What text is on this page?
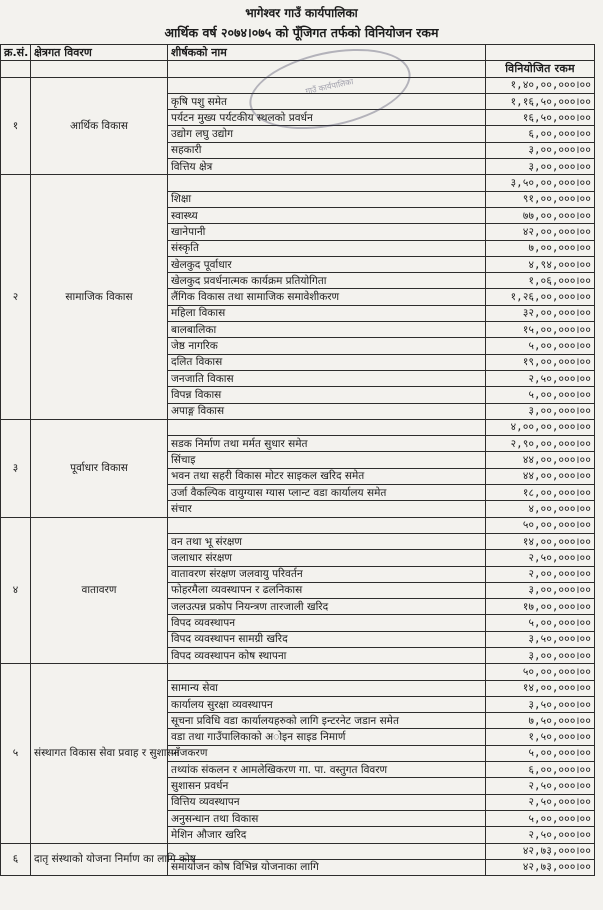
भागेश्वर गाउँ कार्यपालिका
आर्थिक वर्ष २०७४।०७५ को पूँजिगत तर्फको विनियोजन रकम
क्र.सं.	क्षेत्रगत विवरण	शीर्षकको नाम	
			विनियोजित रकम
१	आर्थिक विकास		१,४०,००,०००।००
		कृषि पशु समेत	१,१६,५०,०००।००
		पर्यटन मुख्य पर्यटकीय स्थलको प्रवर्धन	१६,५०,०००।००
		उद्योग लघु उद्योग	६,००,०००।००
		सहकारी	३,००,०००।००
		वित्तिय क्षेत्र	३,००,०००।००
२	सामाजिक विकास		३,५०,००,०००।००
		शिक्षा	९१,००,०००।००
		स्वास्थ्य	७७,००,०००।००
		खानेपानी	४२,००,०००।००
		संस्कृति	७,००,०००।००
		खेलकुद पूर्वाधार	४,९४,०००।००
		खेलकुद प्रवर्धनात्मक कार्यक्रम प्रतियोगिता	१,०६,०००।००
		लैंगिक विकास तथा सामाजिक समावेशीकरण	१,२६,००,०००।००
		महिला विकास	३२,००,०००।००
		बालबालिका	१५,००,०००।००
		जेष्ठ नागरिक	५,००,०००।००
		दलित विकास	१९,००,०००।००
		जनजाति विकास	२,५०,०००।००
		विपन्न विकास	५,००,०००।००
		अपाङ्ग विकास	३,००,०००।००
३	पूर्वाधार विकास		४,००,००,०००।००
		सडक निर्माण तथा मर्मत सुधार समेत	२,९०,००,०००।००
		सिंचाइ	४४,००,०००।००
		भवन तथा सहरी विकास मोटर साइकल खरिद समेत	४४,००,०००।००
		उर्जा वैकल्पिक वायुग्यास ग्यास प्लान्ट वडा कार्यालय समेत	१८,००,०००।००
		संचार	४,००,०००।००
४	वातावरण		५०,००,०००।००
		वन तथा भू संरक्षण	१४,००,०००।००
		जलाधार संरक्षण	२,५०,०००।००
		वातावरण संरक्षण जलवायु परिवर्तन	२,००,०००।००
		फोहरमैला व्यवस्थापन र ढलनिकास	३,००,०००।००
		जलउत्पन्न प्रकोप नियन्त्रण तारजाली खरिद	१७,००,०००।००
		विपद व्यवस्थापन	५,००,०००।००
		विपद व्यवस्थापन सामग्री खरिद	३,५०,०००।००
		विपद व्यवस्थापन कोष स्थापना	३,००,०००।००
५	संस्थागत विकास सेवा प्रवाह र सुशासन		५०,००,०००।००
		सामान्य सेवा	१४,००,०००।००
		कार्यालय सुरक्षा व्यवस्थापन	३,५०,०००।००
		सूचना प्रविधि वडा कार्यालयहरुको लागि इन्टरनेट जडान समेत	७,५०,०००।००
		वडा तथा गाउँपालिकाको अोइन साइड निमार्ण	१,५०,०००।००
		पाँजकरण	५,००,०००।००
		तथ्यांक संकलन र आमलेखिकरण गा. पा. वस्तुगत विवरण	६,००,०००।००
		सुशासन प्रवर्धन	२,५०,०००।००
		वित्तिय व्यवस्थापन	२,५०,०००।००
		अनुसन्धान तथा विकास	५,००,०००।००
		मेशिन औजार खरिद	२,५०,०००।००
६	दातृ संस्थाको योजना निर्माण का लागि कोष		४२,७३,०००।००
		समायोजन कोष विभिन्न योजनाका लागि	४२,७३,०००।००
गाउँ कार्यपालिका
